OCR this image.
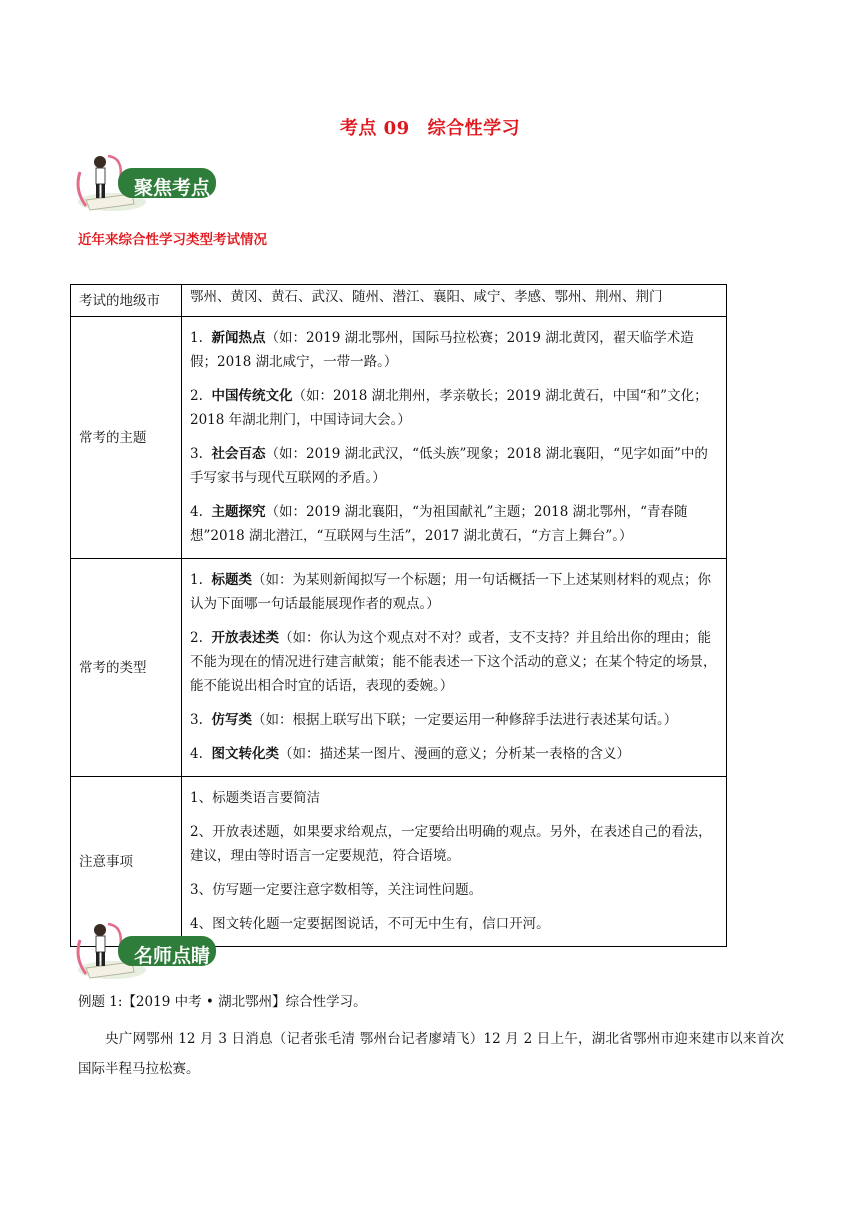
考点 09 综合性学习
聚焦考点
近年来综合性学习类型考试情况
考试的地级市	鄂州、黄冈、黄石、武汉、随州、潜江、襄阳、咸宁、孝感、鄂州、荆州、荆门
常考的主题	1. 新闻热点（如：2019 湖北鄂州，国际马拉松赛；2019 湖北黄冈，翟天临学术造假；2018 湖北咸宁，一带一路。）
2. 中国传统文化（如：2018 湖北荆州，孝亲敬长；2019 湖北黄石，中国“和”文化；2018 年湖北荆门，中国诗词大会。）
3. 社会百态（如：2019 湖北武汉，“低头族”现象；2018 湖北襄阳，“见字如面”中的手写家书与现代互联网的矛盾。）
4. 主题探究（如：2019 湖北襄阳，“为祖国献礼”主题；2018 湖北鄂州，“青春随想”2018 湖北潜江，“互联网与生活”，2017 湖北黄石，“方言上舞台”。）

常考的类型	1. 标题类（如：为某则新闻拟写一个标题；用一句话概括一下上述某则材料的观点；你认为下面哪一句话最能展现作者的观点。）
2. 开放表述类（如：你认为这个观点对不对？或者，支不支持？并且给出你的理由；能不能为现在的情况进行建言献策；能不能表述一下这个活动的意义；在某个特定的场景，能不能说出相合时宜的话语，表现的委婉。）
3. 仿写类（如：根据上联写出下联；一定要运用一种修辞手法进行表述某句话。）
4. 图文转化类（如：描述某一图片、漫画的意义；分析某一表格的含义）

注意事项	1、标题类语言要简洁
2、开放表述题，如果要求给观点，一定要给出明确的观点。另外，在表述自己的看法，建议，理由等时语言一定要规范，符合语境。
3、仿写题一定要注意字数相等，关注词性问题。
4、图文转化题一定要据图说话，不可无中生有，信口开河。
名师点睛
例题 1:【2019 中考 • 湖北鄂州】综合性学习。
央广网鄂州 12 月 3 日消息（记者张毛清 鄂州台记者廖靖飞）12 月 2 日上午，湖北省鄂州市迎来建市以来首次国际半程马拉松赛。
